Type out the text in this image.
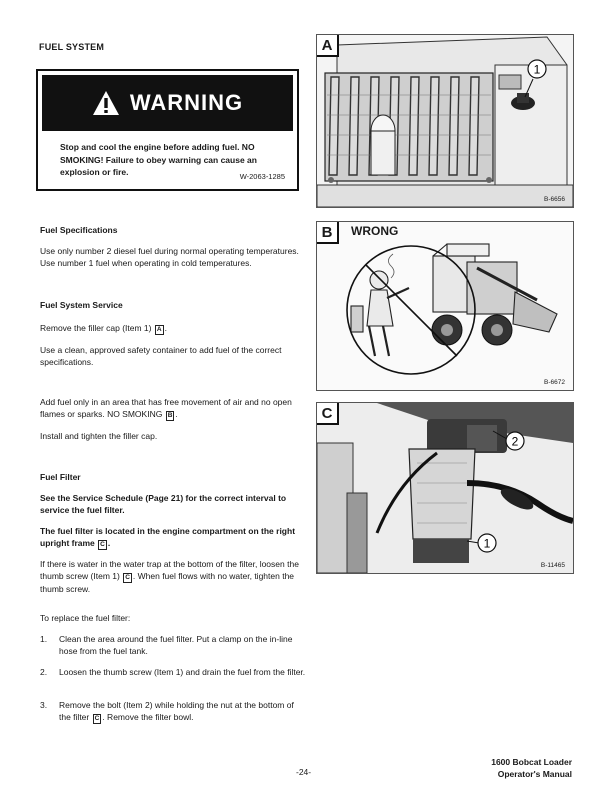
FUEL SYSTEM
WARNING
Stop and cool the engine before adding fuel. NO SMOKING! Failure to obey warning can cause an explosion or fire.	W-2063-1285
Fuel Specifications
Use only number 2 diesel fuel during normal operating temperatures. Use number 1 fuel when operating in cold temperatures.
Fuel System Service
Remove the filler cap (Item 1) A .
Use a clean, approved safety container to add fuel of the correct specifications.
Add fuel only in an area that has free movement of air and no open flames or sparks. NO SMOKING B .
Install and tighten the filler cap.
Fuel Filter
See the Service Schedule (Page 21) for the correct interval to service the fuel filter.
The fuel filter is located in the engine compartment on the right upright frame C .
If there is water in the water trap at the bottom of the filter, loosen the thumb screw (Item 1) C . When fuel flows with no water, tighten the thumb screw.
To replace the fuel filter:
1. Clean the area around the fuel filter. Put a clamp on the in-line hose from the fuel tank.
2. Loosen the thumb screw (Item 1) and drain the fuel from the filter.
3. Remove the bolt (Item 2) while holding the nut at the bottom of the filter C . Remove the filter bowl.
1
A
B-6656
B	WRONG
B-6672
2
1
C
B-11465
-24-
1600 Bobcat Loader
Operator's Manual
